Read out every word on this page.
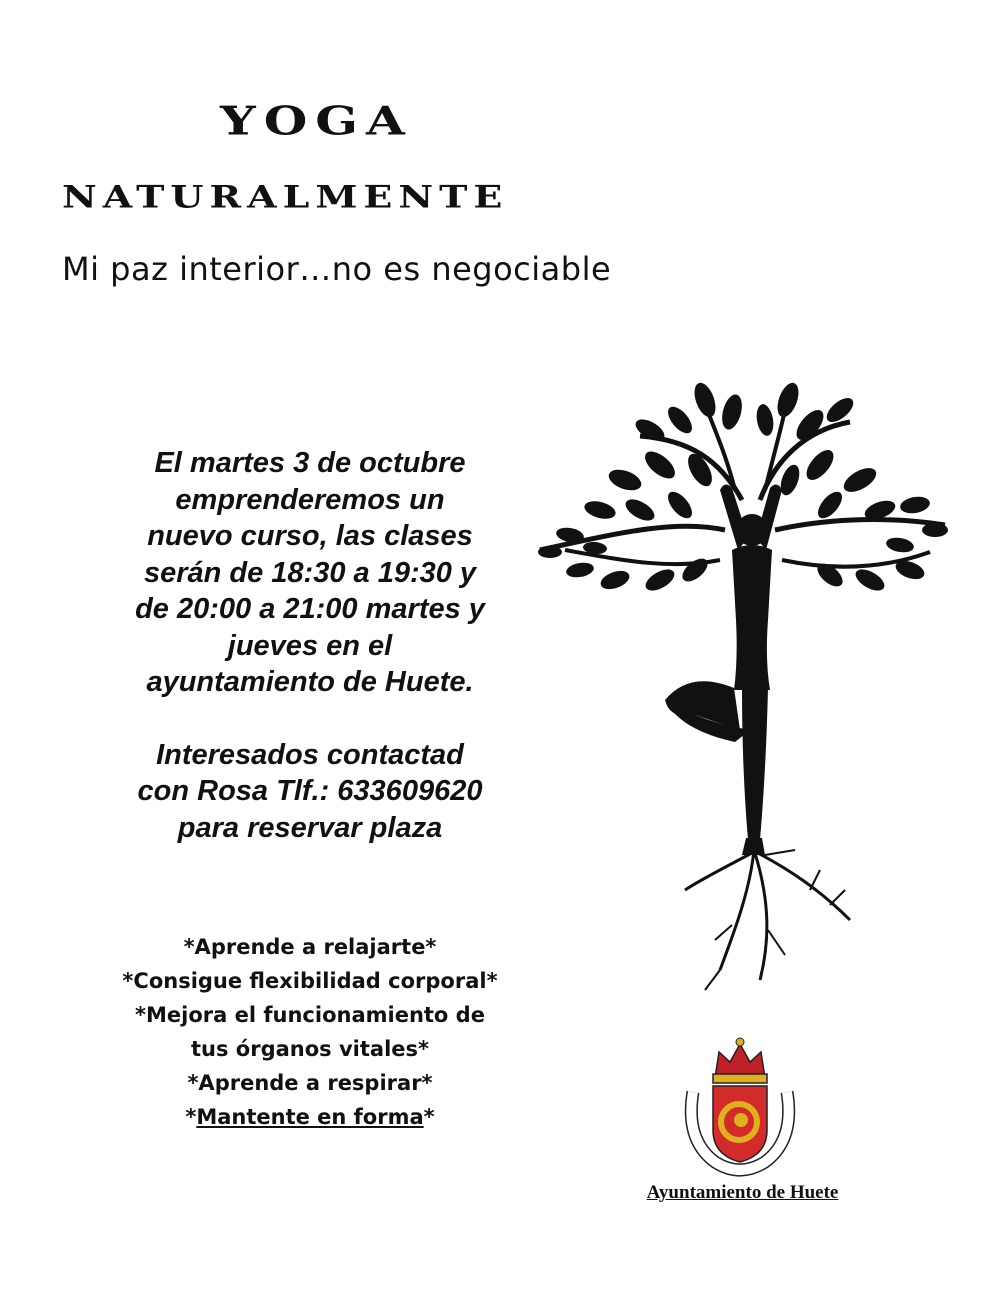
YOGA
NATURALMENTE
Mi paz interior…no es negociable

El martes 3 de octubre

emprenderemos un

nuevo curso, las clases

serán de 18:30 a 19:30 y

de 20:00 a 21:00 martes y

jueves en el

ayuntamiento de Huete.

Interesados contactad

con Rosa Tlf.: 633609620

para reservar plaza

*Aprende a relajarte*

*Consigue flexibilidad corporal*

*Mejora el funcionamiento de

tus órganos vitales*

*Aprende a respirar*

*Mantente en forma*

Ayuntamiento de Huete
